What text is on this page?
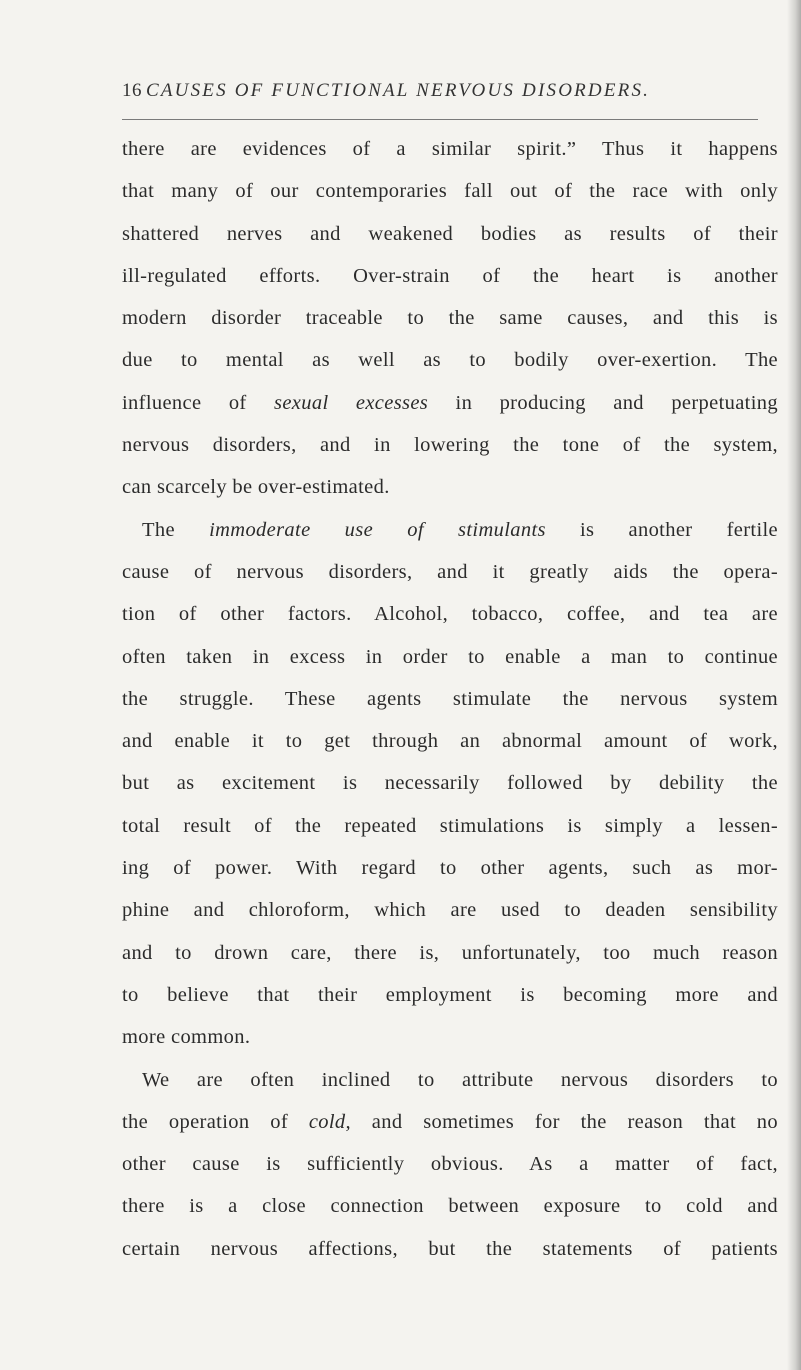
16 CAUSES OF FUNCTIONAL NERVOUS DISORDERS.
there are evidences of a similar spirit.” Thus it happens
that many of our contemporaries fall out of the race with only
shattered nerves and weakened bodies as results of their
ill-regulated efforts. Over-strain of the heart is another
modern disorder traceable to the same causes, and this is
due to mental as well as to bodily over-exertion. The
influence of sexual excesses in producing and perpetuating
nervous disorders, and in lowering the tone of the system,
can scarcely be over-estimated.
The immoderate use of stimulants is another fertile
cause of nervous disorders, and it greatly aids the opera-
tion of other factors. Alcohol, tobacco, coffee, and tea are
often taken in excess in order to enable a man to continue
the struggle. These agents stimulate the nervous system
and enable it to get through an abnormal amount of work,
but as excitement is necessarily followed by debility the
total result of the repeated stimulations is simply a lessen-
ing of power. With regard to other agents, such as mor-
phine and chloroform, which are used to deaden sensibility
and to drown care, there is, unfortunately, too much reason
to believe that their employment is becoming more and
more common.
We are often inclined to attribute nervous disorders to
the operation of cold, and sometimes for the reason that no
other cause is sufficiently obvious. As a matter of fact,
there is a close connection between exposure to cold and
certain nervous affections, but the statements of patients
